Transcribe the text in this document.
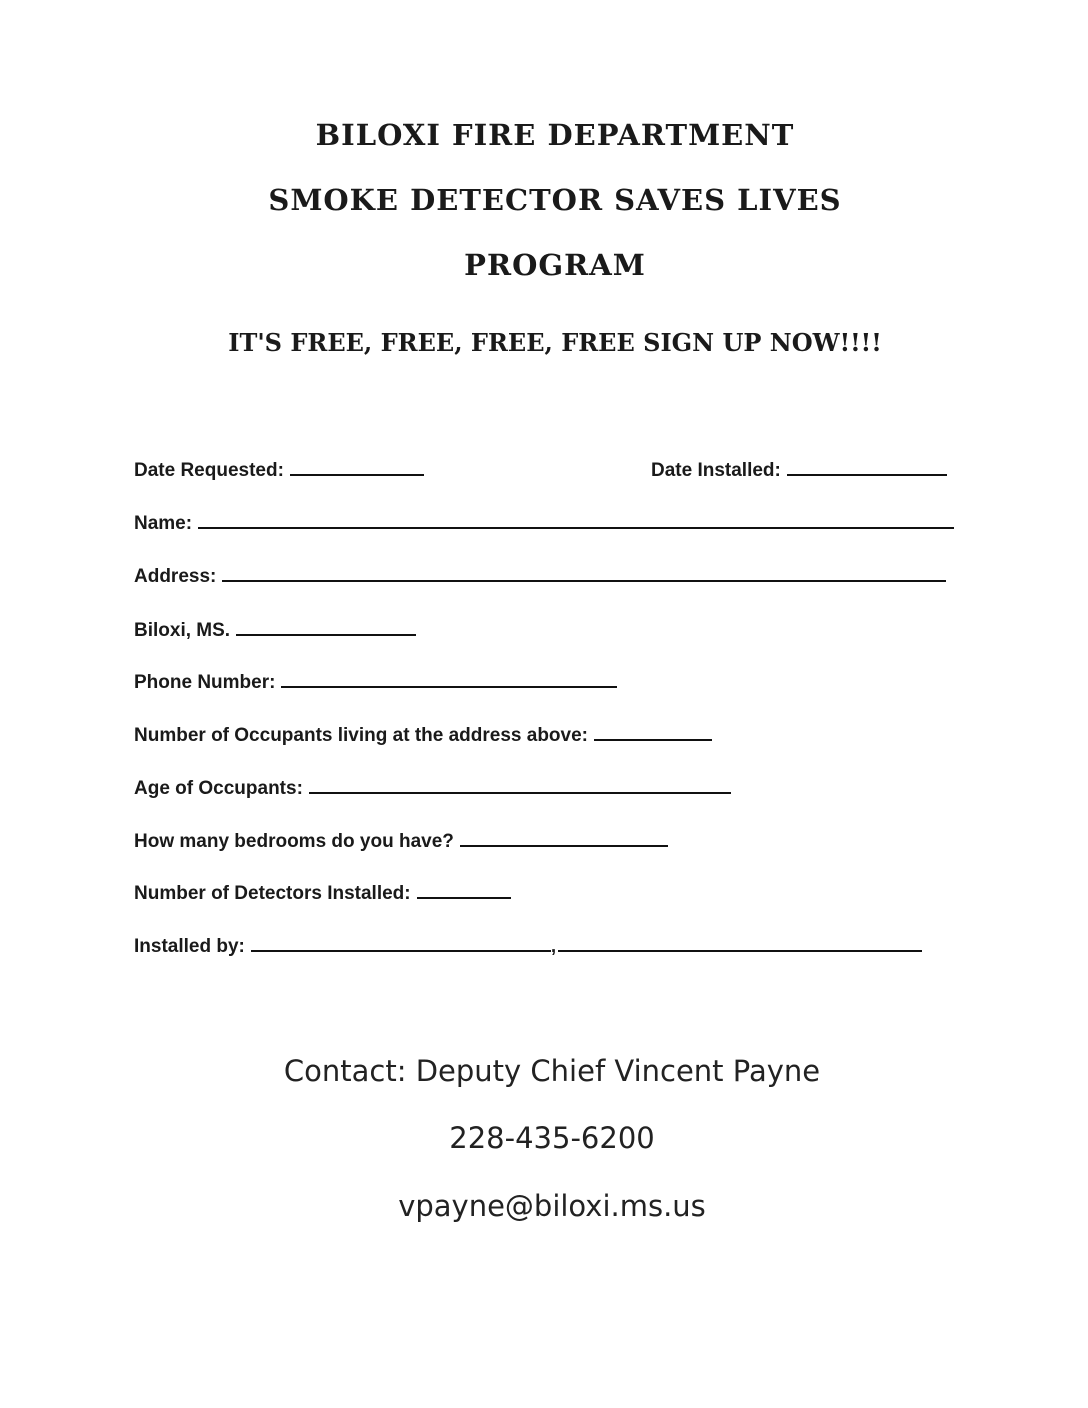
BILOXI FIRE DEPARTMENT
SMOKE DETECTOR SAVES LIVES
PROGRAM
IT'S FREE, FREE, FREE, FREE SIGN UP NOW!!!!
Date Requested:	Date Installed:
Name:
Address:
Biloxi, MS.
Phone Number:
Number of Occupants living at the address above:
Age of Occupants:
How many bedrooms do you have?
Number of Detectors Installed:
Installed by:	,
Contact: Deputy Chief Vincent Payne
228-435-6200
vpayne@biloxi.ms.us
